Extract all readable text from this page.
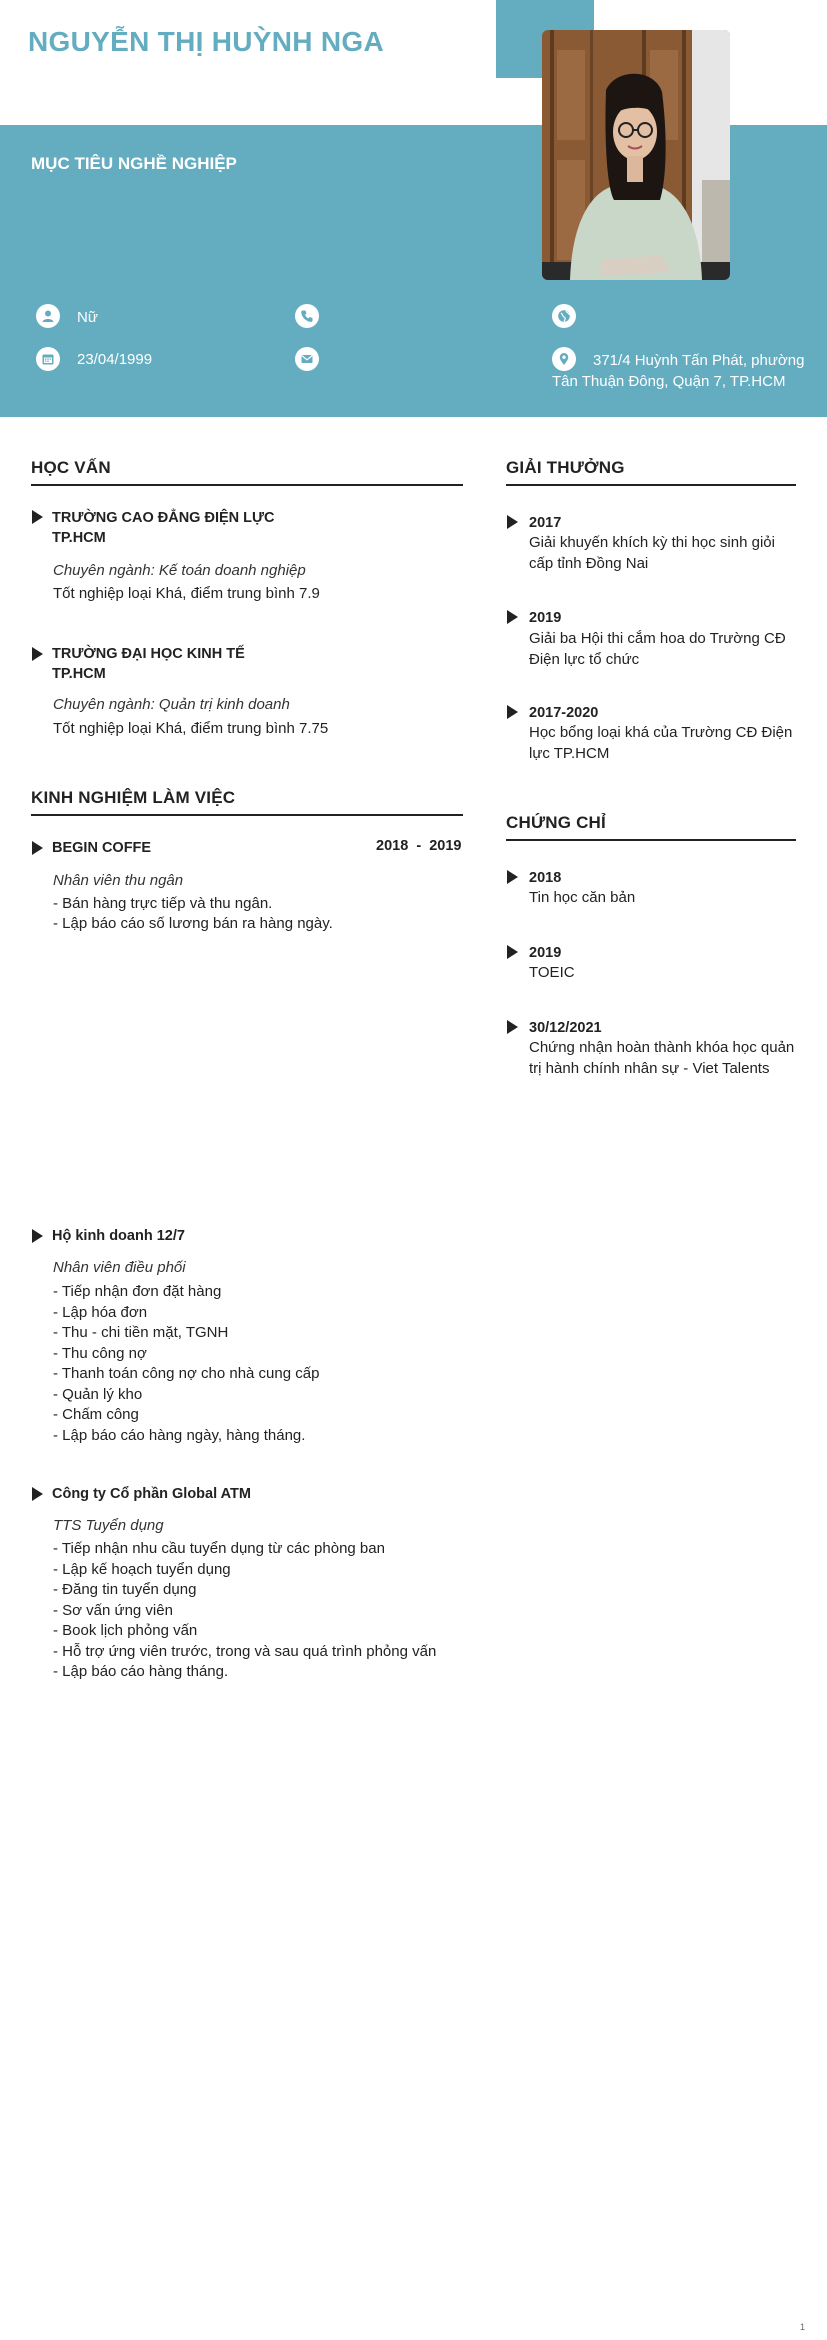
NGUYỄN THỊ HUỲNH NGA
MỤC TIÊU NGHỀ NGHIỆP
Nữ
23/04/1999	371/4 Huỳnh Tấn Phát, phường
Tân Thuận Đông, Quận 7, TP.HCM
HỌC VẤN
TRƯỜNG CAO ĐẲNG ĐIỆN LỰC
TP.HCM
Chuyên ngành: Kế toán doanh nghiệp
Tốt nghiệp loại Khá, điểm trung bình 7.9
TRƯỜNG ĐẠI HỌC KINH TẾ
TP.HCM
Chuyên ngành: Quản trị kinh doanh
Tốt nghiệp loại Khá, điểm trung bình 7.75
KINH NGHIỆM LÀM VIỆC
BEGIN COFFE	2018  -  2019
Nhân viên thu ngân
- Bán hàng trực tiếp và thu ngân.
- Lập báo cáo số lương bán ra hàng ngày.
Hộ kinh doanh 12/7
Nhân viên điều phối
- Tiếp nhận đơn đặt hàng
- Lập hóa đơn
- Thu - chi tiền mặt, TGNH
- Thu công nợ
- Thanh toán công nợ cho nhà cung cấp
- Quản lý kho
- Chấm công
- Lập báo cáo hàng ngày, hàng tháng.
Công ty Cổ phần Global ATM
TTS Tuyển dụng
- Tiếp nhận nhu cầu tuyển dụng từ các phòng ban
- Lập kế hoạch tuyển dụng
- Đăng tin tuyển dụng
- Sơ vấn ứng viên
- Book lịch phỏng vấn
- Hỗ trợ ứng viên trước, trong và sau quá trình phỏng vấn
- Lập báo cáo hàng tháng.
GIẢI THƯỞNG
2017
Giải khuyến khích kỳ thi học sinh giỏi
cấp tỉnh Đồng Nai
2019
Giải ba Hội thi cắm hoa do Trường CĐ
Điện lực tổ chức
2017-2020
Học bổng loại khá của Trường CĐ Điện
lực TP.HCM
CHỨNG CHỈ
2018
Tin học căn bản
2019
TOEIC
30/12/2021
Chứng nhận hoàn thành khóa học quản
trị hành chính nhân sự - Viet Talents
1
